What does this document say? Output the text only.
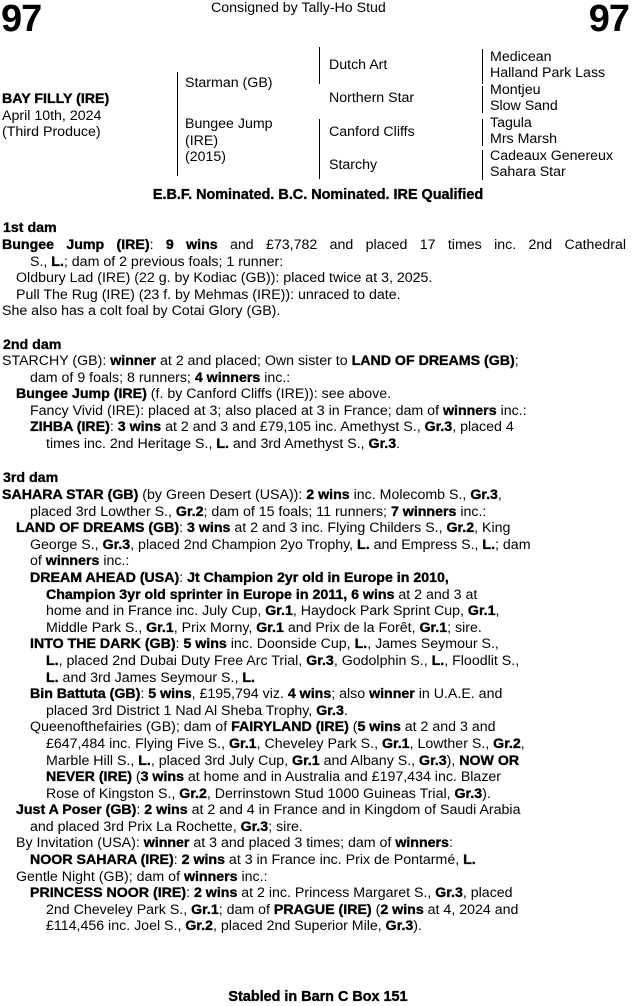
97	97
Consigned by Tally-Ho Stud
BAY FILLY (IRE)
April 10th, 2024
(Third Produce)
Starman (GB)
Bungee Jump
(IRE)
(2015)
Dutch Art
Northern Star
Canford Cliffs
Starchy
Medicean
Halland Park Lass
Montjeu
Slow Sand
Tagula
Mrs Marsh
Cadeaux Genereux
Sahara Star
E.B.F. Nominated. B.C. Nominated. IRE Qualified
1st dam
Bungee Jump (IRE): 9 wins and £73,782 and placed 17 times inc. 2nd Cathedral
S., L.; dam of 2 previous foals; 1 runner:
Oldbury Lad (IRE) (22 g. by Kodiac (GB)): placed twice at 3, 2025.
Pull The Rug (IRE) (23 f. by Mehmas (IRE)): unraced to date.
She also has a colt foal by Cotai Glory (GB).
2nd dam
STARCHY (GB): winner at 2 and placed; Own sister to LAND OF DREAMS (GB);
dam of 9 foals; 8 runners; 4 winners inc.:
Bungee Jump (IRE) (f. by Canford Cliffs (IRE)): see above.
Fancy Vivid (IRE): placed at 3; also placed at 3 in France; dam of winners inc.:
ZIHBA (IRE): 3 wins at 2 and 3 and £79,105 inc. Amethyst S., Gr.3, placed 4
times inc. 2nd Heritage S., L. and 3rd Amethyst S., Gr.3.
3rd dam
SAHARA STAR (GB) (by Green Desert (USA)): 2 wins inc. Molecomb S., Gr.3,
placed 3rd Lowther S., Gr.2; dam of 15 foals; 11 runners; 7 winners inc.:
LAND OF DREAMS (GB): 3 wins at 2 and 3 inc. Flying Childers S., Gr.2, King
George S., Gr.3, placed 2nd Champion 2yo Trophy, L. and Empress S., L.; dam
of winners inc.:
DREAM AHEAD (USA): Jt Champion 2yr old in Europe in 2010,
Champion 3yr old sprinter in Europe in 2011, 6 wins at 2 and 3 at
home and in France inc. July Cup, Gr.1, Haydock Park Sprint Cup, Gr.1,
Middle Park S., Gr.1, Prix Morny, Gr.1 and Prix de la Forêt, Gr.1; sire.
INTO THE DARK (GB): 5 wins inc. Doonside Cup, L., James Seymour S.,
L., placed 2nd Dubai Duty Free Arc Trial, Gr.3, Godolphin S., L., Floodlit S.,
L. and 3rd James Seymour S., L.
Bin Battuta (GB): 5 wins, £195,794 viz. 4 wins; also winner in U.A.E. and
placed 3rd District 1 Nad Al Sheba Trophy, Gr.3.
Queenofthefairies (GB); dam of FAIRYLAND (IRE) (5 wins at 2 and 3 and
£647,484 inc. Flying Five S., Gr.1, Cheveley Park S., Gr.1, Lowther S., Gr.2,
Marble Hill S., L., placed 3rd July Cup, Gr.1 and Albany S., Gr.3), NOW OR
NEVER (IRE) (3 wins at home and in Australia and £197,434 inc. Blazer
Rose of Kingston S., Gr.2, Derrinstown Stud 1000 Guineas Trial, Gr.3).
Just A Poser (GB): 2 wins at 2 and 4 in France and in Kingdom of Saudi Arabia
and placed 3rd Prix La Rochette, Gr.3; sire.
By Invitation (USA): winner at 3 and placed 3 times; dam of winners:
NOOR SAHARA (IRE): 2 wins at 3 in France inc. Prix de Pontarmé, L.
Gentle Night (GB); dam of winners inc.:
PRINCESS NOOR (IRE): 2 wins at 2 inc. Princess Margaret S., Gr.3, placed
2nd Cheveley Park S., Gr.1; dam of PRAGUE (IRE) (2 wins at 4, 2024 and
£114,456 inc. Joel S., Gr.2, placed 2nd Superior Mile, Gr.3).
Stabled in Barn C Box 151
